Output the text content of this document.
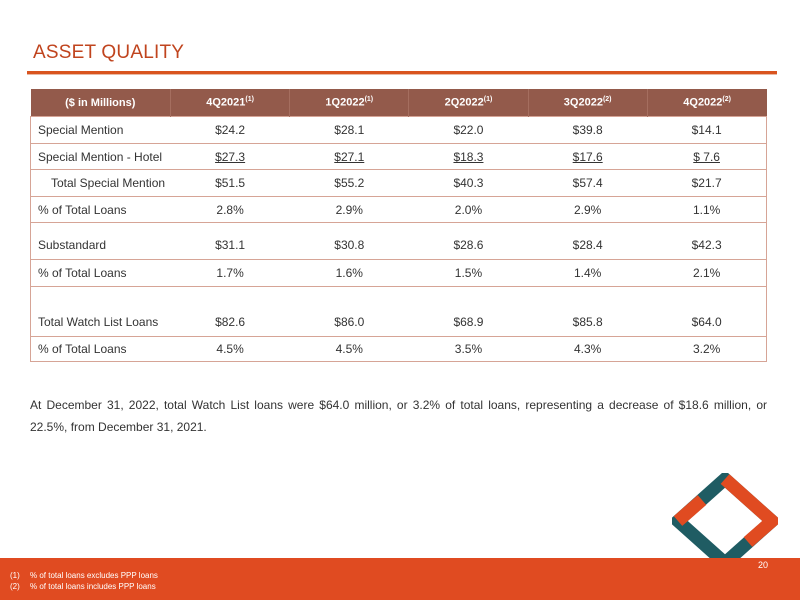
ASSET QUALITY
($ in Millions)	4Q2021$^{(1)}$	1Q2022$^{(1)}$	2Q2022$^{(1)}$	3Q2022$^{(2)}$	4Q2022$^{(2)}$
Special Mention	$24.2	$28.1	$22.0	$39.8	$14.1
Special Mention - Hotel	$27.3	$27.1	$18.3	$17.6	$ 7.6
Total Special Mention	$51.5	$55.2	$40.3	$57.4	$21.7
% of Total Loans	2.8%	2.9%	2.0%	2.9%	1.1%
Substandard	$31.1	$30.8	$28.6	$28.4	$42.3
% of Total Loans	1.7%	1.6%	1.5%	1.4%	2.1%
Total Watch List Loans	$82.6	$86.0	$68.9	$85.8	$64.0
% of Total Loans	4.5%	4.5%	3.5%	4.3%	3.2%
At December 31, 2022, total Watch List loans were $64.0 million, or 3.2% of total loans, representing a decrease of $18.6 million, or 22.5%, from December 31, 2021.
20
(1)	% of total loans excludes PPP loans
(2)	% of total loans includes PPP loans
